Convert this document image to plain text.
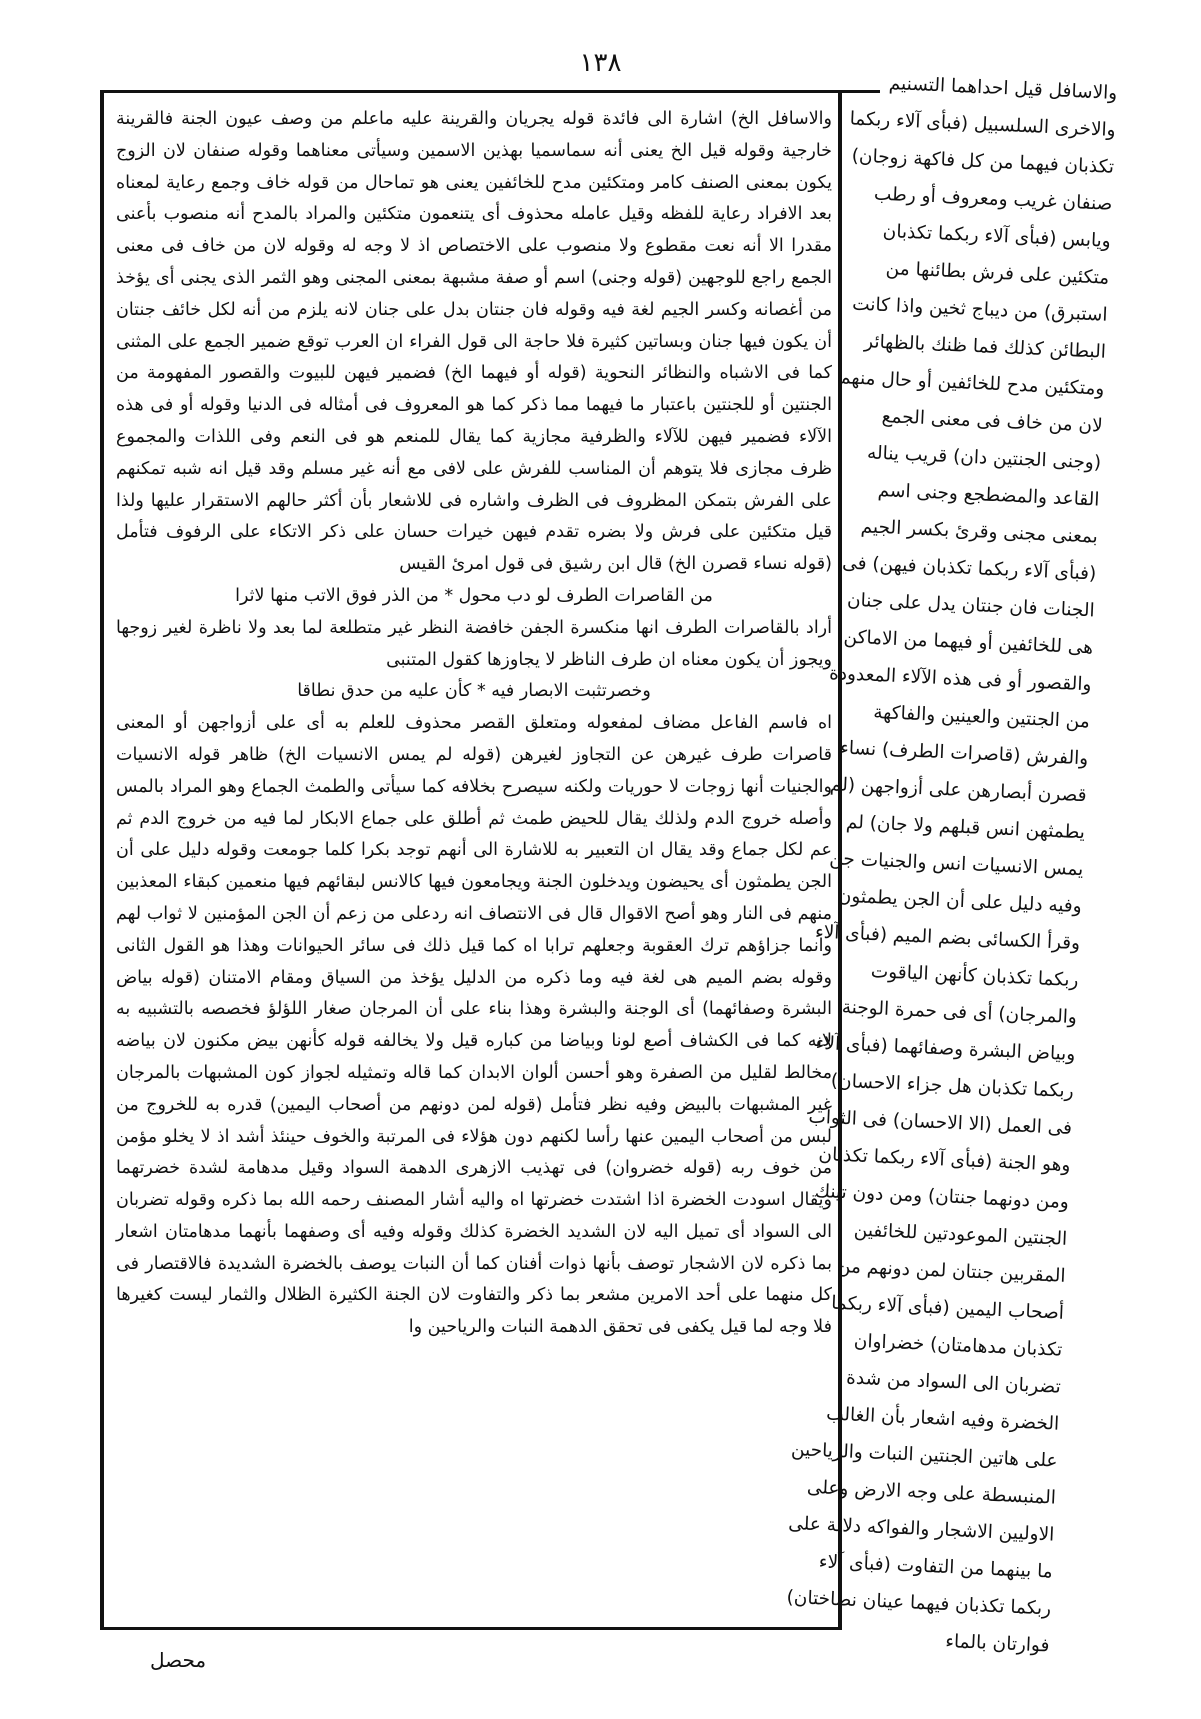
١٣٨

والاسافل الخ) اشارة الى فائدة قوله يجريان والقرينة عليه ماعلم من وصف عيون الجنة فالقرينة خارجية وقوله قيل الخ يعنى أنه سماسميا بهذين الاسمين وسيأتى معناهما وقوله صنفان لان الزوج يكون بمعنى الصنف كامر ومتكئين مدح للخائفين يعنى هو تماحال من قوله خاف وجمع رعاية لمعناه بعد الافراد رعاية للفظه وقيل عامله محذوف أى يتنعمون متكئين والمراد بالمدح أنه منصوب بأعنى مقدرا الا أنه نعت مقطوع ولا منصوب على الاختصاص اذ لا وجه له وقوله لان من خاف فى معنى الجمع راجع للوجهين (قوله وجنى) اسم أو صفة مشبهة بمعنى المجنى وهو الثمر الذى يجنى أى يؤخذ من أغصانه وكسر الجيم لغة فيه وقوله فان جنتان بدل على جنان لانه يلزم من أنه لكل خائف جنتان أن يكون فيها جنان وبساتين كثيرة فلا حاجة الى قول الفراء ان العرب توقع ضمير الجمع على المثنى كما فى الاشباه والنظائر النحوية (قوله أو فيهما الخ) فضمير فيهن للبيوت والقصور المفهومة من الجنتين أو للجنتين باعتبار ما فيهما مما ذكر كما هو المعروف فى أمثاله فى الدنيا وقوله أو فى هذه الآلاء فضمير فيهن للآلاء والظرفية مجازية كما يقال للمنعم هو فى النعم وفى اللذات والمجموع ظرف مجازى فلا يتوهم أن المناسب للفرش على لافى مع أنه غير مسلم وقد قيل انه شبه تمكنهم على الفرش بتمكن المظروف فى الظرف واشاره فى للاشعار بأن أكثر حالهم الاستقرار عليها ولذا قيل متكئين على فرش ولا بضره تقدم فيهن خيرات حسان على ذكر الاتكاء على الرفوف فتأمل (قوله نساء قصرن الخ) قال ابن رشيق فى قول امرئ القيس

من القاصرات الطرف لو دب محول * من الذر فوق الاتب منها لاثرا

أراد بالقاصرات الطرف انها منكسرة الجفن خافضة النظر غير متطلعة لما بعد ولا ناظرة لغير زوجها ويجوز أن يكون معناه ان طرف الناظر لا يجاوزها كقول المتنبى

وخصرتثبت الابصار فيه * كأن عليه من حدق نطاقا

اه فاسم الفاعل مضاف لمفعوله ومتعلق القصر محذوف للعلم به أى على أزواجهن أو المعنى قاصرات طرف غيرهن عن التجاوز لغيرهن (قوله لم يمس الانسيات الخ) ظاهر قوله الانسيات والجنيات أنها زوجات لا حوريات ولكنه سيصرح بخلافه كما سيأتى والطمث الجماع وهو المراد بالمس وأصله خروج الدم ولذلك يقال للحيض طمث ثم أطلق على جماع الابكار لما فيه من خروج الدم ثم عم لكل جماع وقد يقال ان التعبير به للاشارة الى أنهم توجد بكرا كلما جومعت وقوله دليل على أن الجن يطمثون أى يحيضون ويدخلون الجنة ويجامعون فيها كالانس لبقائهم فيها منعمين كبقاء المعذبين منهم فى النار وهو أصح الاقوال قال فى الانتصاف انه ردعلى من زعم أن الجن المؤمنين لا ثواب لهم وانما جزاؤهم ترك العقوبة وجعلهم ترابا اه كما قيل ذلك فى سائر الحيوانات وهذا هو القول الثانى وقوله بضم الميم هى لغة فيه وما ذكره من الدليل يؤخذ من السياق ومقام الامتنان (قوله بياض البشرة وصفائهما) أى الوجنة والبشرة وهذا بناء على أن المرجان صغار اللؤلؤ فخصصه بالتشبيه به لانه كما فى الكشاف أصع لونا وبياضا من كباره قيل ولا يخالفه قوله كأنهن بيض مكنون لان بياضه مخالط لقليل من الصفرة وهو أحسن ألوان الابدان كما قاله وتمثيله لجواز كون المشبهات بالمرجان غير المشبهات بالبيض وفيه نظر فتأمل (قوله لمن دونهم من أصحاب اليمين) قدره به للخروج من لبس من أصحاب اليمين عنها رأسا لكنهم دون هؤلاء فى المرتبة والخوف حينئذ أشد اذ لا يخلو مؤمن من خوف ربه (قوله خضروان) فى تهذيب الازهرى الدهمة السواد وقيل مدهامة لشدة خضرتهما ويقال اسودت الخضرة اذا اشتدت خضرتها اه واليه أشار المصنف رحمه الله بما ذكره وقوله تضربان الى السواد أى تميل اليه لان الشديد الخضرة كذلك وقوله وفيه أى وصفهما بأنهما مدهامتان اشعار بما ذكره لان الاشجار توصف بأنها ذوات أفنان كما أن النبات يوصف بالخضرة الشديدة فالاقتصار فى كل منهما على أحد الامرين مشعر بما ذكر والتفاوت لان الجنة الكثيرة الظلال والثمار ليست كغيرها فلا وجه لما قيل يكفى فى تحقق الدهمة النبات والرياحين وا

والاسافل قيل احداهما التسنيم والاخرى السلسبيل (فبأى آلاء ربكما تكذبان فيهما من كل فاكهة زوجان) صنفان غريب ومعروف أو رطب ويابس (فبأى آلاء ربكما تكذبان متكئين على فرش بطائنها من استبرق) من ديباج ثخين واذا كانت البطائن كذلك فما ظنك بالظهائر ومتكئين مدح للخائفين أو حال منهم لان من خاف فى معنى الجمع (وجنى الجنتين دان) قريب يناله القاعد والمضطجع وجنى اسم بمعنى مجنى وقرئ بكسر الجيم (فبأى آلاء ربكما تكذبان فيهن) فى الجنات فان جنتان يدل على جنان هى للخائفين أو فيهما من الاماكن والقصور أو فى هذه الآلاء المعدودة من الجنتين والعينين والفاكهة والفرش (قاصرات الطرف) نساء قصرن أبصارهن على أزواجهن (لم يطمثهن انس قبلهم ولا جان) لم يمس الانسيات انس والجنيات جن وفيه دليل على أن الجن يطمثون وقرأ الكسائى بضم الميم (فبأى آلاء ربكما تكذبان كأنهن الياقوت والمرجان) أى فى حمرة الوجنة وبياض البشرة وصفائهما (فبأى آلاء ربكما تكذبان هل جزاء الاحسان) فى العمل (الا الاحسان) فى الثواب وهو الجنة (فبأى آلاء ربكما تكذبان ومن دونهما جنتان) ومن دون تينك الجنتين الموعودتين للخائفين المقربين جنتان لمن دونهم من أصحاب اليمين (فبأى آلاء ربكما تكذبان مدهامتان) خضراوان تضربان الى السواد من شدة الخضرة وفيه اشعار بأن الغالب على هاتين الجنتين النبات والرياحين المنبسطة على وجه الارض وعلى الاوليين الاشجار والفواكه دلالة على ما بينهما من التفاوت (فبأى آلاء ربكما تكذبان فيهما عينان نضاختان) فوارتان بالماء

محصل
